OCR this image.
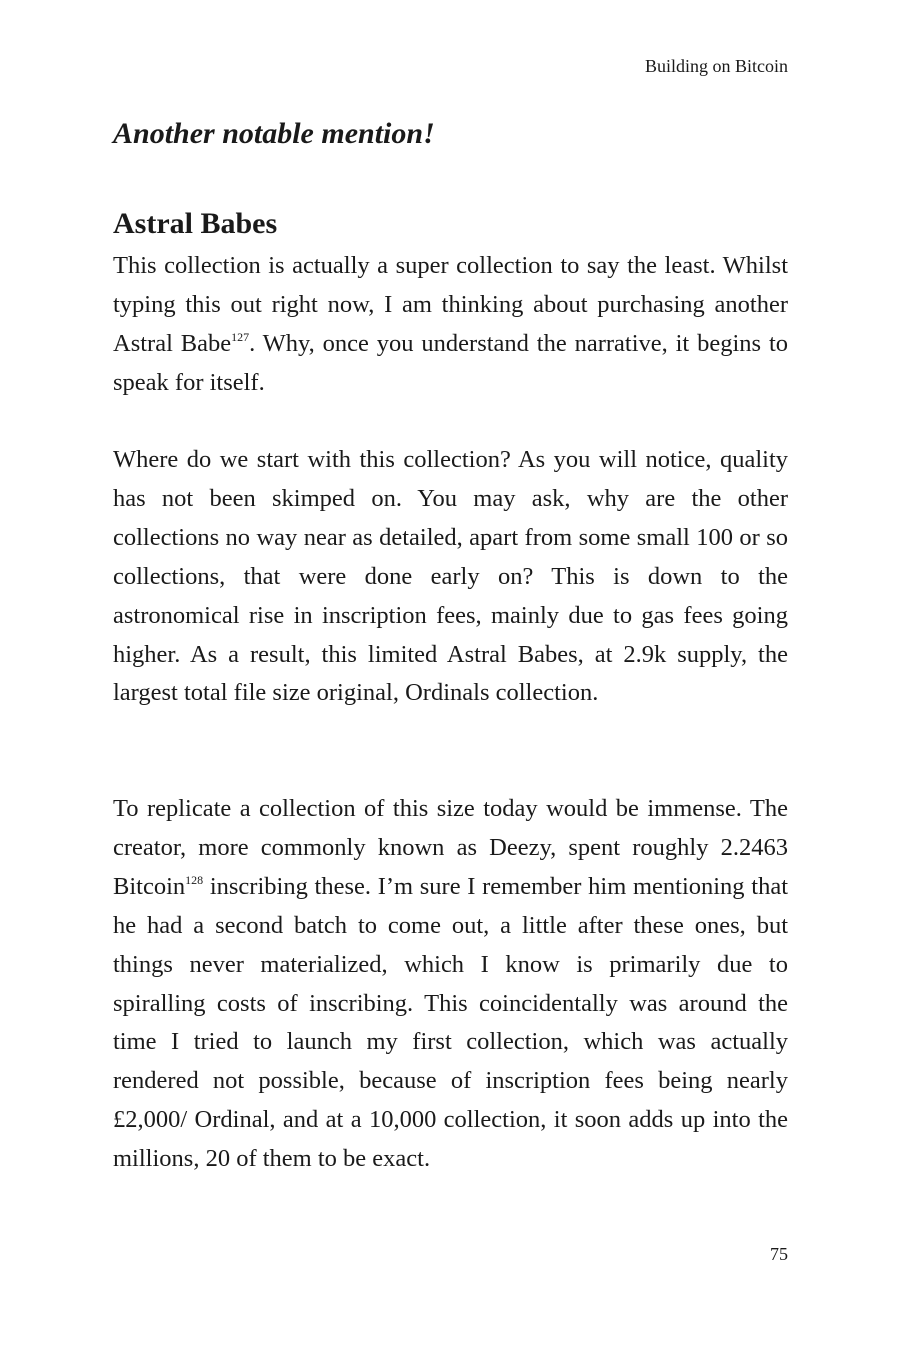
Building on Bitcoin
Another notable mention!
Astral Babes

This collection is actually a super collection to say the least. Whilst typing this out right now, I am thinking about purchasing another Astral Babe$^{127}$. Why, once you understand the narrative, it begins to speak for itself.

Where do we start with this collection? As you will notice, quality has not been skimped on. You may ask, why are the other collections no way near as detailed, apart from some small 100 or so collections, that were done early on? This is down to the astronomical rise in inscription fees, mainly due to gas fees going higher. As a result, this limited Astral Babes, at 2.9k supply, the largest total file size original, Ordinals collection.

To replicate a collection of this size today would be immense. The creator, more commonly known as Deezy, spent roughly 2.2463 Bitcoin$^{128}$ inscribing these. I’m sure I remember him mentioning that he had a second batch to come out, a little after these ones, but things never materialized, which I know is primarily due to spiralling costs of inscribing. This coincidentally was around the time I tried to launch my first collection, which was actually rendered not possible, because of inscription fees being nearly £2,000/ Ordinal, and at a 10,000 collection, it soon adds up into the millions, 20 of them to be exact.

75
